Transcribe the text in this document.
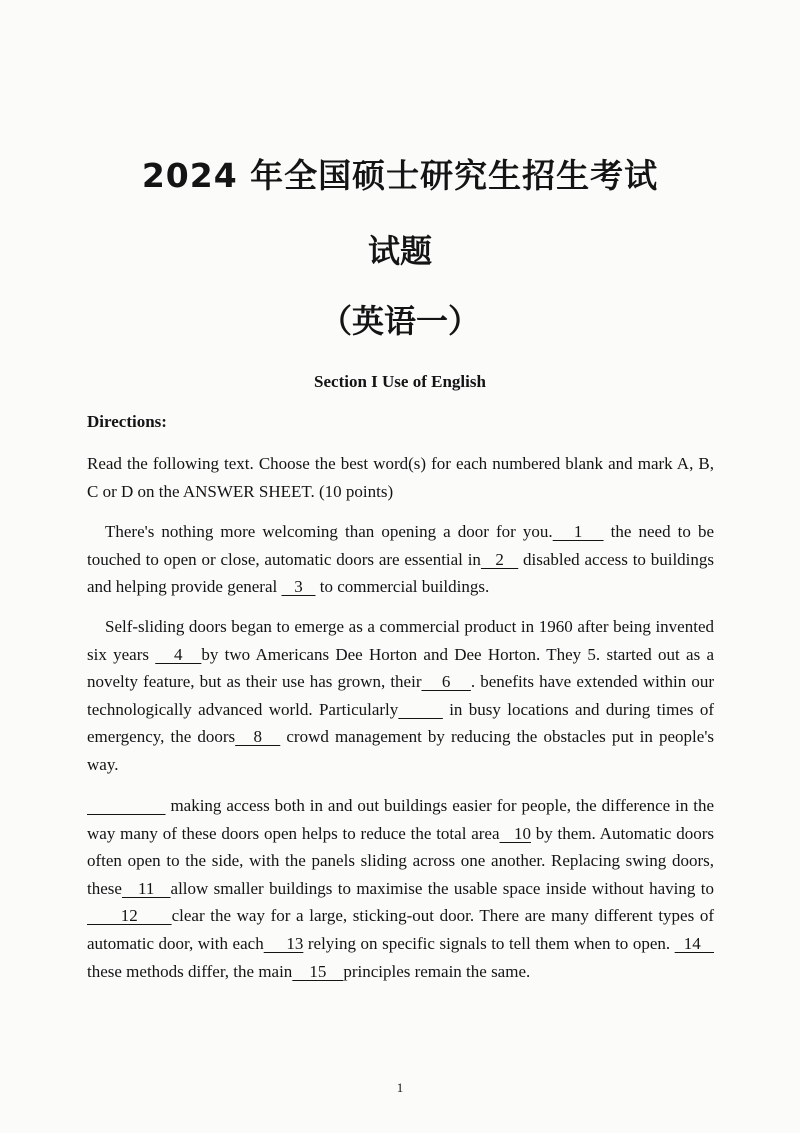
2024 年全国硕士研究生招生考试
试题
（英语一）
Section I Use of English

Directions:

Read the following text. Choose the best word(s) for each numbered blank and mark A, B, C or D on the ANSWER SHEET. (10 points)

There's nothing more welcoming than opening a door for you.   1    the need to be touched to open or close, automatic doors are essential in   2    disabled access to buildings and helping provide general    3    to commercial buildings.

Self-sliding doors began to emerge as a commercial product in 1960 after being invented six years    4   by two Americans Dee Horton and Dee Horton. They 5. started out as a novelty feature, but as their use has grown, their    6    . benefits have extended within our technologically advanced world. Particularly	in busy locations and during times of emergency, the doors   8    crowd management by reducing the obstacles put in people's way.

making access both in and out buildings easier for people, the difference in the way many of these doors open helps to reduce the total area   10 by them. Automatic doors often open to the side, with the panels sliding across one another. Replacing swing doors, these   11   allow smaller buildings to maximise the usable space inside without having to      12      clear the way for a large, sticking-out door. There are many different types of automatic door, with each     13 relying on specific signals to tell them when to open.   14    these methods differ, the main    15    principles remain the same.

1
